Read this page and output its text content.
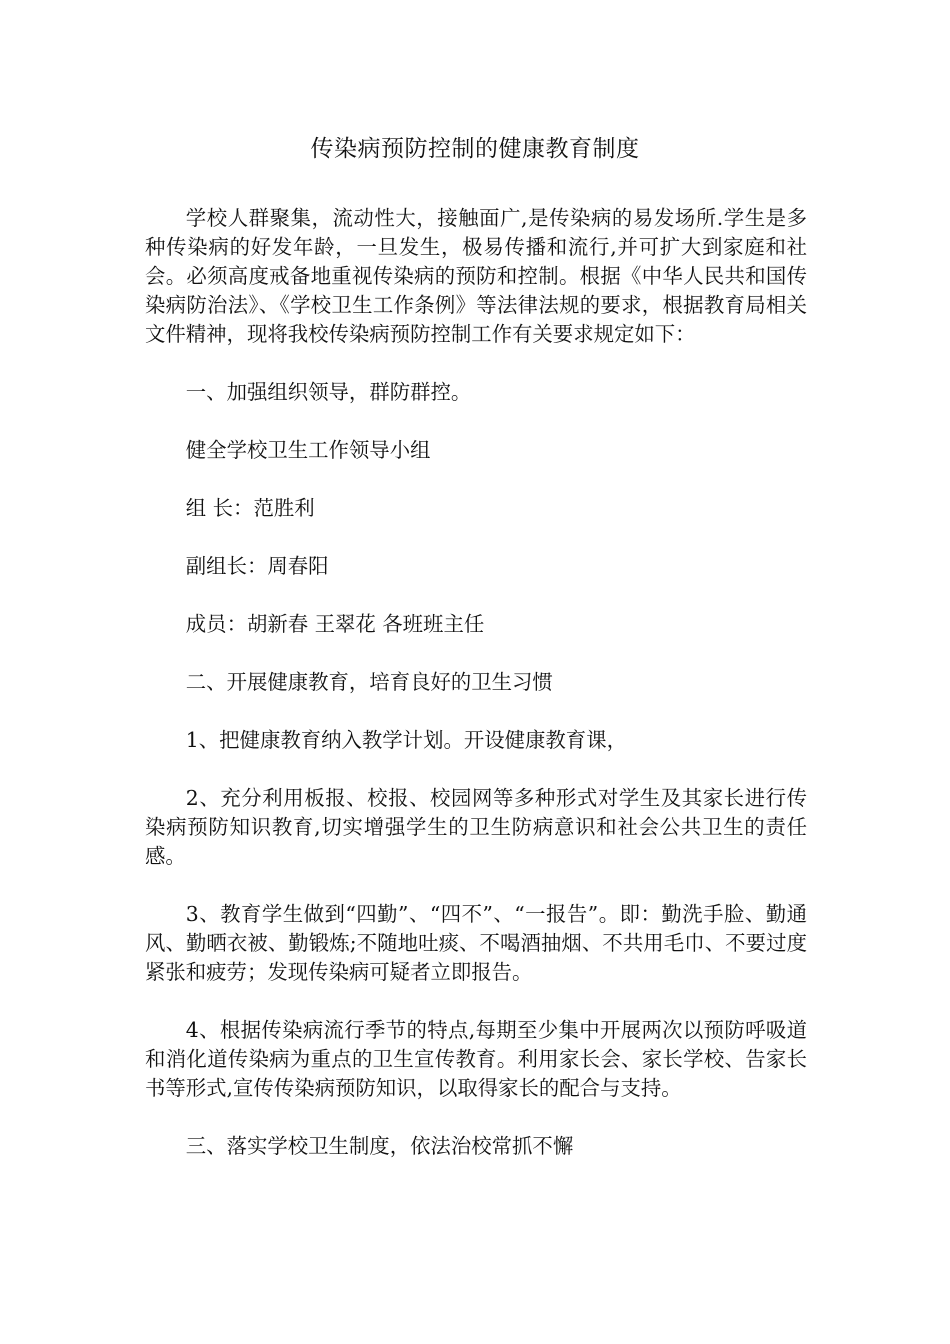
传染病预防控制的健康教育制度

学校人群聚集，流动性大，接触面广,是传染病的易发场所.学生是多种传染病的好发年龄，一旦发生，极易传播和流行,并可扩大到家庭和社会。必须高度戒备地重视传染病的预防和控制。根据《中华人民共和国传染病防治法》、《学校卫生工作条例》等法律法规的要求，根据教育局相关文件精神，现将我校传染病预防控制工作有关要求规定如下：

一、加强组织领导，群防群控。

健全学校卫生工作领导小组

组 长：范胜利

副组长：周春阳

成员：胡新春 王翠花 各班班主任

二、开展健康教育，培育良好的卫生习惯

1、把健康教育纳入教学计划。开设健康教育课，

2、充分利用板报、校报、校园网等多种形式对学生及其家长进行传染病预防知识教育,切实增强学生的卫生防病意识和社会公共卫生的责任感。

3、教育学生做到“四勤”、“四不”、“一报告”。即：勤洗手脸、勤通风、勤晒衣被、勤锻炼;不随地吐痰、不喝酒抽烟、不共用毛巾、不要过度紧张和疲劳；发现传染病可疑者立即报告。

4、根据传染病流行季节的特点,每期至少集中开展两次以预防呼吸道和消化道传染病为重点的卫生宣传教育。利用家长会、家长学校、告家长书等形式,宣传传染病预防知识，以取得家长的配合与支持。

三、落实学校卫生制度，依法治校常抓不懈
